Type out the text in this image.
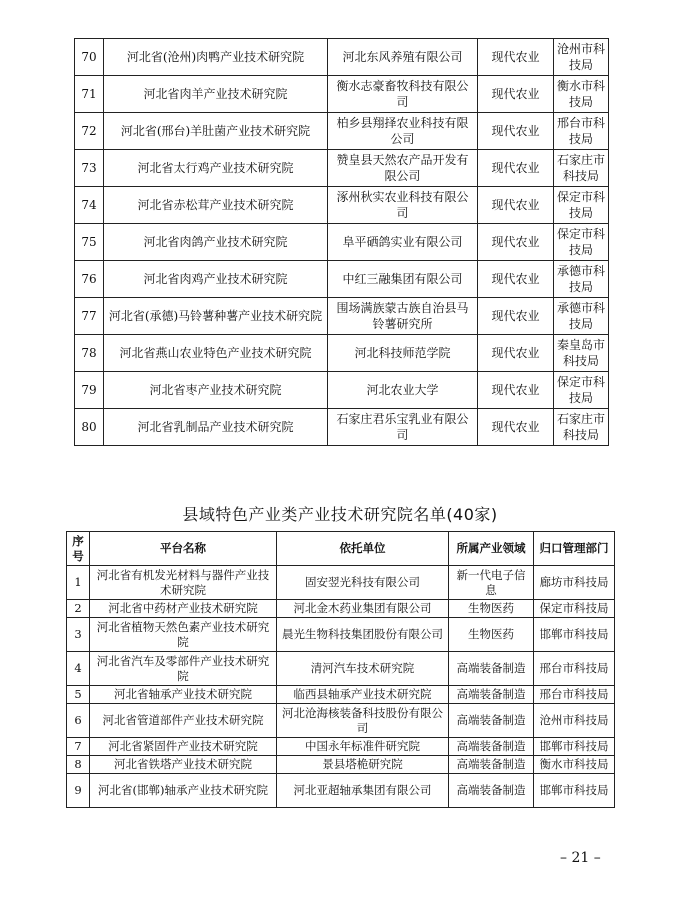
70	河北省(沧州)肉鸭产业技术研究院	河北东风养殖有限公司	现代农业	沧州市科技局
71	河北省肉羊产业技术研究院	衡水志豪畜牧科技有限公司	现代农业	衡水市科技局
72	河北省(邢台)羊肚菌产业技术研究院	柏乡县翔择农业科技有限公司	现代农业	邢台市科技局
73	河北省太行鸡产业技术研究院	赞皇县天然农产品开发有限公司	现代农业	石家庄市科技局
74	河北省赤松茸产业技术研究院	涿州秋实农业科技有限公司	现代农业	保定市科技局
75	河北省肉鸽产业技术研究院	阜平硒鸽实业有限公司	现代农业	保定市科技局
76	河北省肉鸡产业技术研究院	中红三融集团有限公司	现代农业	承德市科技局
77	河北省(承德)马铃薯种薯产业技术研究院	围场满族蒙古族自治县马铃薯研究所	现代农业	承德市科技局
78	河北省燕山农业特色产业技术研究院	河北科技师范学院	现代农业	秦皇岛市科技局
79	河北省枣产业技术研究院	河北农业大学	现代农业	保定市科技局
80	河北省乳制品产业技术研究院	石家庄君乐宝乳业有限公司	现代农业	石家庄市科技局
县域特色产业类产业技术研究院名单(40家)
序号	平台名称	依托单位	所属产业领域	归口管理部门
1	河北省有机发光材料与器件产业技术研究院	固安翌光科技有限公司	新一代电子信息	廊坊市科技局
2	河北省中药材产业技术研究院	河北金木药业集团有限公司	生物医药	保定市科技局
3	河北省植物天然色素产业技术研究院	晨光生物科技集团股份有限公司	生物医药	邯郸市科技局
4	河北省汽车及零部件产业技术研究院	清河汽车技术研究院	高端装备制造	邢台市科技局
5	河北省轴承产业技术研究院	临西县轴承产业技术研究院	高端装备制造	邢台市科技局
6	河北省管道部件产业技术研究院	河北沧海核装备科技股份有限公司	高端装备制造	沧州市科技局
7	河北省紧固件产业技术研究院	中国永年标准件研究院	高端装备制造	邯郸市科技局
8	河北省铁塔产业技术研究院	景县塔桅研究院	高端装备制造	衡水市科技局
9	河北省(邯郸)轴承产业技术研究院	河北亚超轴承集团有限公司	高端装备制造	邯郸市科技局
– 21 –
